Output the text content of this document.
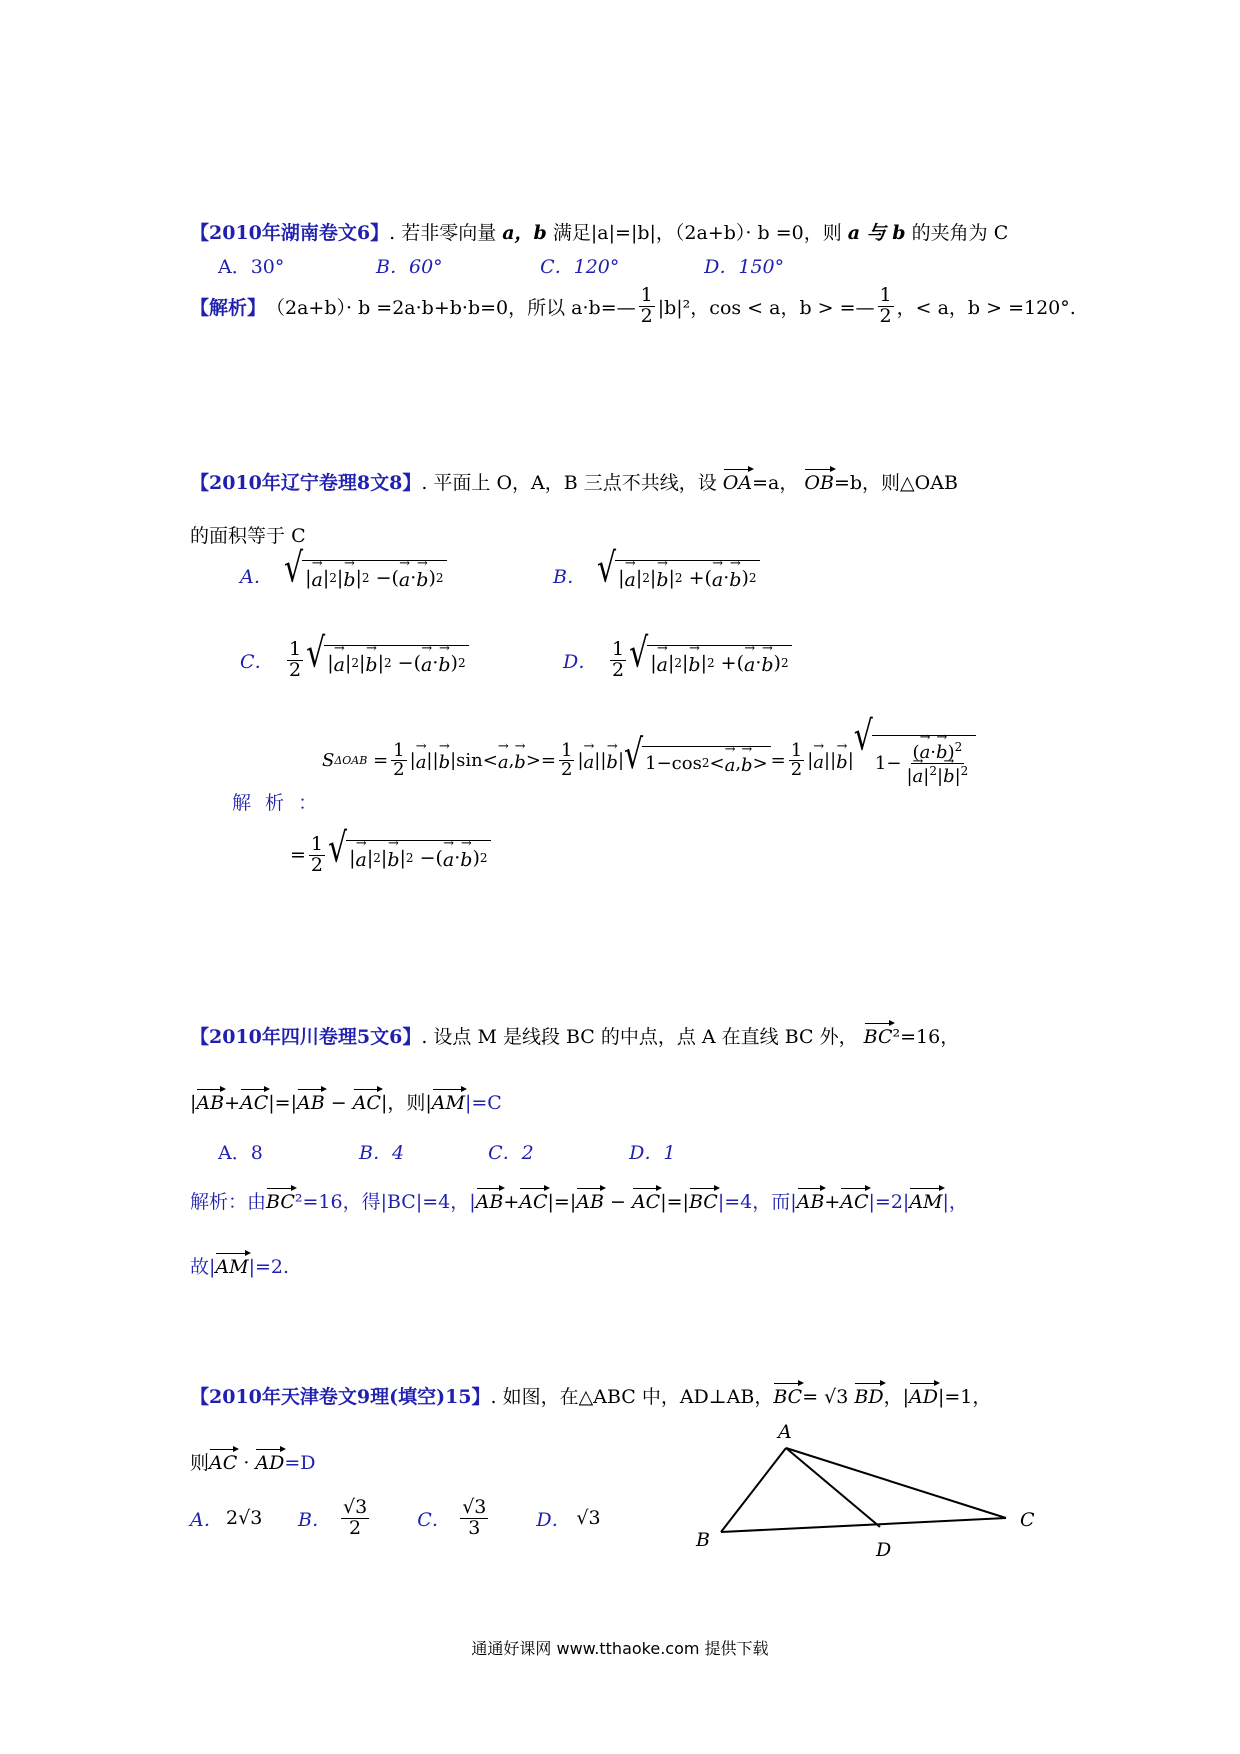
【2010年湖南卷文6】. 若非零向量 a，b 满足|a|=|b|，（2a+b）· b =0，则 a 与 b 的夹角为 C
A．30°	B．60°	C．120°	D．150°
【解析】 （2a+b）· b =2a·b+b·b=0，所以 a·b=— $\frac{1}{2} |b|^2$，cos < a，b > =— $\frac{1}{2}$ ，< a，b > =120°.
【2010年辽宁卷理8文8】. 平面上 O，A，B 三点不共线，设 OA=a， OB=b，则△OAB
的面积等于 C
A． √ | → a | 2 | → b | 2 −( → a · → b ) 2	B． √ | → a | 2 | → b | 2 +( → a · → b ) 2
C． $\frac{1}{2}$ √ | → a | 2 | → b | 2 −( → a · → b ) 2	D． $\frac{1}{2}$ √ | → a | 2 | → b | 2 +( → a · → b ) 2
解 析 ：
S $\Delta OAB = \frac{1}{2}$ | → a || → b |sin< → a , → $b >= \frac{1}{2}$ | → a || → b | √ 1−cos 2 < → a , → b > = $\frac{1}{2}$ | → a || → b |
√
$1- \frac{(\to a\cdot\to b)^2}{|\to a|^2|\to b|^2}$
= $\frac{1}{2}$ √ | → a | 2 | → b | 2 −( → a · → b ) 2
【2010年四川卷理5文6】. 设点 M 是线段 BC 的中点，点 A 在直线 BC 外， BC²=16，
|AB+AC|=|AB − AC|，则|AM|=C
A．8	B．4	C．2	D．1
解析：由BC²=16，得|BC|=4，|AB+AC|=|AB − AC|=|BC|=4，而|AB+AC|=2|AM|，
故|AM|=2.
【2010年天津卷文9理(填空)15】. 如图，在△ABC 中，AD⊥AB，BC= √3 BD，|AD|=1，
则AC · AD=D
A． 2√3	B． $\frac{√3}{2}$	C． $\frac{√3}{3}$	D． √3
A
B
C
D
通通好课网 www.tthaoke.com 提供下载
